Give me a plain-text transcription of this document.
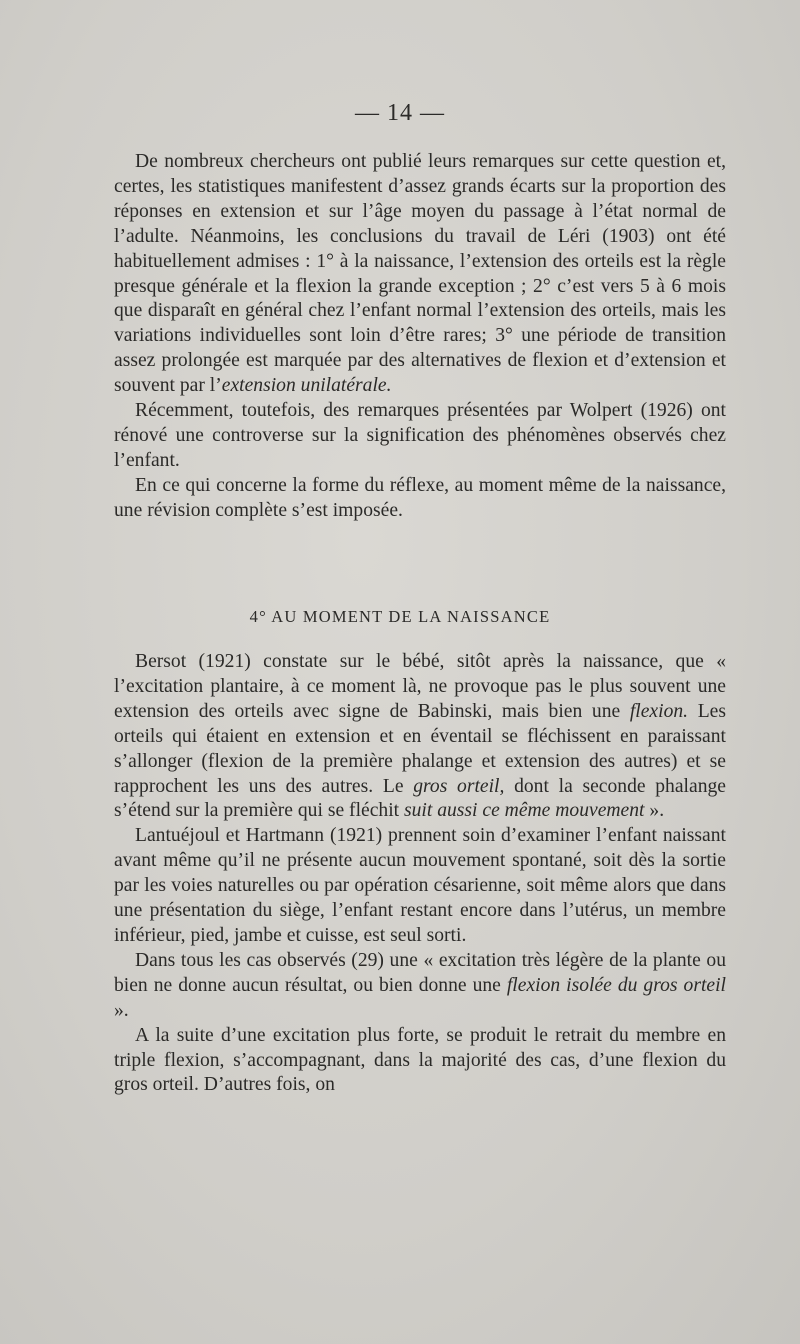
— 14 —

De nombreux chercheurs ont publié leurs remarques sur cette question et, certes, les statistiques manifestent d’assez grands écarts sur la proportion des réponses en extension et sur l’âge moyen du passage à l’état normal de l’adulte. Néanmoins, les conclusions du travail de Léri (1903) ont été habituellement admises : 1° à la naissance, l’extension des orteils est la règle presque générale et la flexion la grande exception ; 2° c’est vers 5 à 6 mois que disparaît en général chez l’enfant normal l’extension des orteils, mais les variations individuelles sont loin d’être rares; 3° une période de transition assez prolongée est marquée par des alternatives de flexion et d’extension et souvent par l’extension unilatérale.

Récemment, toutefois, des remarques présentées par Wolpert (1926) ont rénové une controverse sur la signification des phénomènes observés chez l’enfant.

En ce qui concerne la forme du réflexe, au moment même de la naissance, une révision complète s’est imposée.

4° AU MOMENT DE LA NAISSANCE

Bersot (1921) constate sur le bébé, sitôt après la naissance, que « l’excitation plantaire, à ce moment là, ne provoque pas le plus souvent une extension des orteils avec signe de Babinski, mais bien une flexion. Les orteils qui étaient en extension et en éventail se fléchissent en paraissant s’allonger (flexion de la première phalange et extension des autres) et se rapprochent les uns des autres. Le gros orteil, dont la seconde phalange s’étend sur la première qui se fléchit suit aussi ce même mouvement ».

Lantuéjoul et Hartmann (1921) prennent soin d’examiner l’enfant naissant avant même qu’il ne présente aucun mouvement spontané, soit dès la sortie par les voies naturelles ou par opération césarienne, soit même alors que dans une présentation du siège, l’enfant restant encore dans l’utérus, un membre inférieur, pied, jambe et cuisse, est seul sorti.

Dans tous les cas observés (29) une « excitation très légère de la plante ou bien ne donne aucun résultat, ou bien donne une flexion isolée du gros orteil ».

A la suite d’une excitation plus forte, se produit le retrait du membre en triple flexion, s’accompagnant, dans la majorité des cas, d’une flexion du gros orteil. D’autres fois, on
